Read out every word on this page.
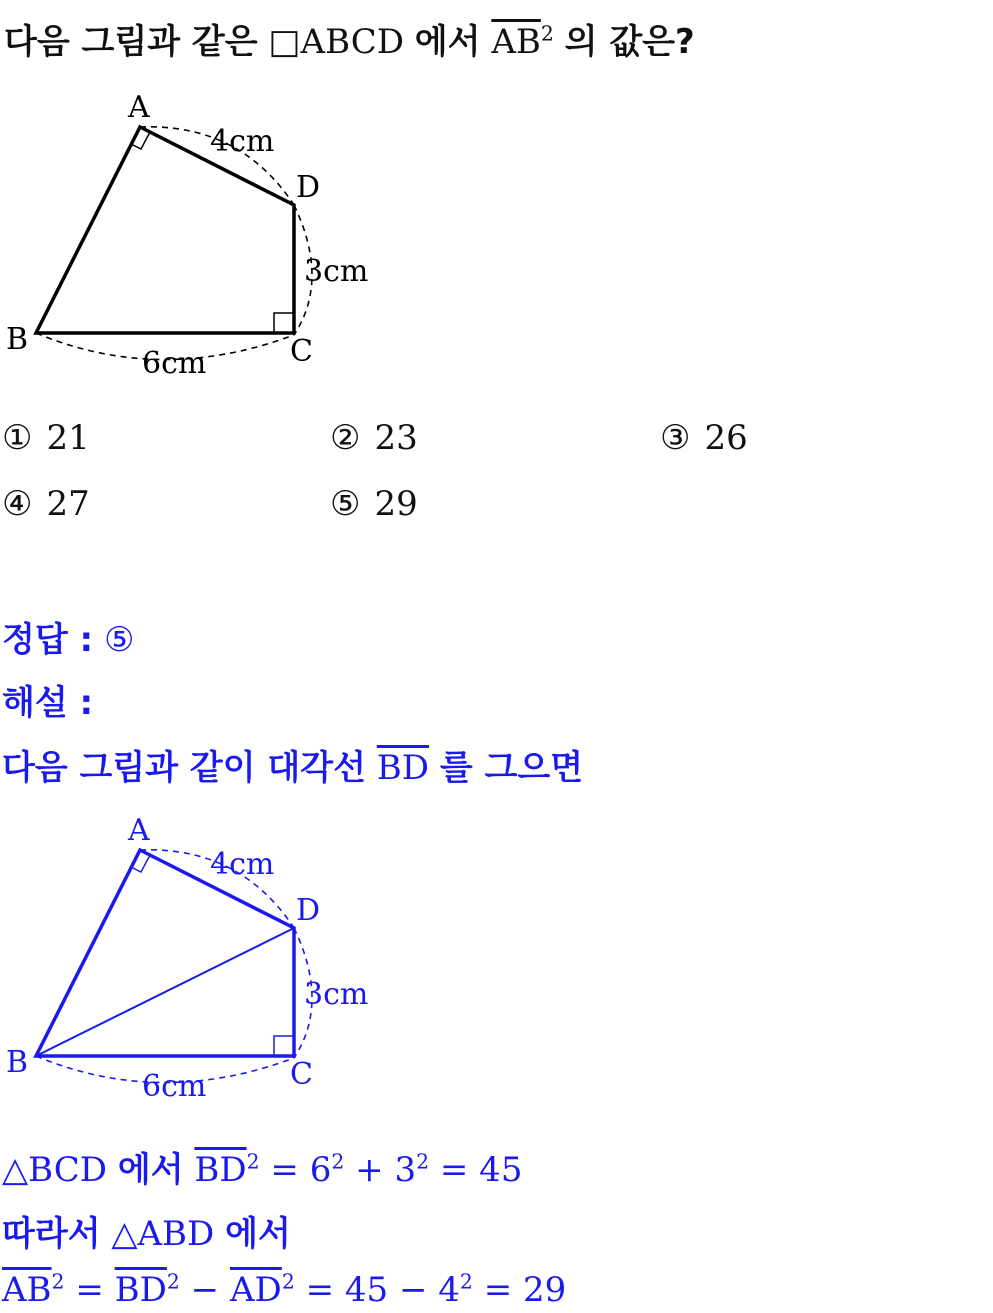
다음 그림과 같은 □ABCD 에서 $\overline{AB}^2$ 의 값은?
A
D
B	C
4cm
3cm
6cm
① 21	② 23	③ 26
④ 27	⑤ 29
정답 : ⑤
해설 :
다음 그림과 같이 대각선 $\overline{BD}$ 를 그으면
A
D
B	C
4cm
3cm
6cm
△BCD 에서 $\overline{BD}^2 = 6^2 + 3^2 = 45$
따라서 △ABD 에서
$\overline{AB}^2 = \overline{BD}^2 - \overline{AD}^2 = 45 - 4^2 = 29$
